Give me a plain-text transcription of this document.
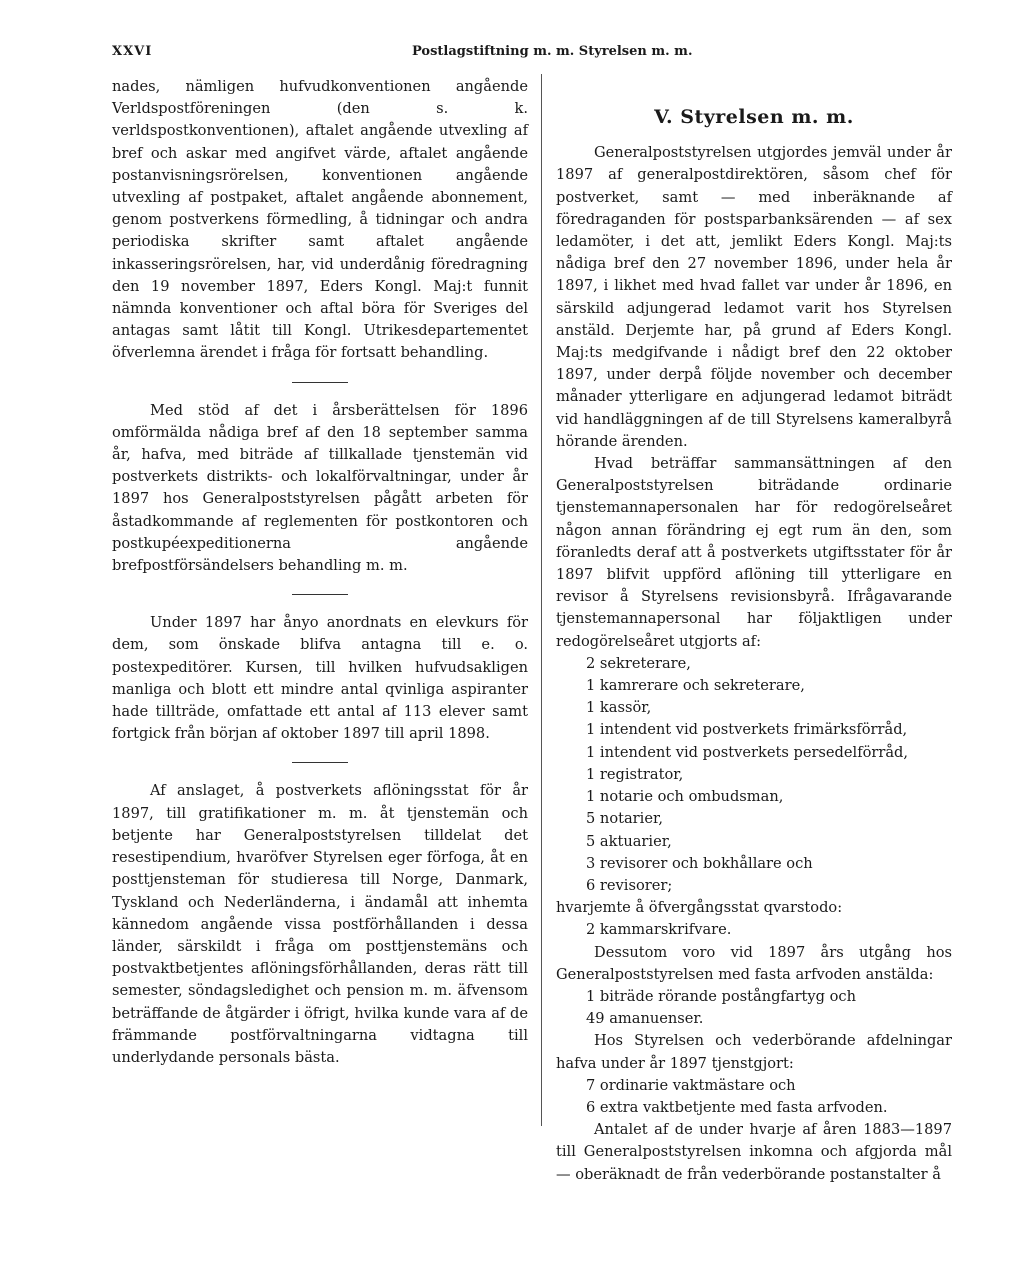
XXVI	Postlagstiftning m. m. Styrelsen m. m.

nades, nämligen hufvudkonventionen angående Verldspostföreningen (den s. k. verldspostkonventionen), aftalet angående utvexling af bref och askar med angifvet värde, aftalet angående postanvisningsrörelsen, konventionen angående utvexling af postpaket, aftalet angående abonnement, genom postverkens förmedling, å tidningar och andra periodiska skrifter samt aftalet angående inkasseringsrörelsen, har, vid underdånig föredragning den 19 november 1897, Eders Kongl. Maj:t funnit nämnda konventioner och aftal böra för Sveriges del antagas samt låtit till Kongl. Utrikesdepartementet öfverlemna ärendet i fråga för fortsatt behandling.

Med stöd af det i årsberättelsen för 1896 omförmälda nådiga bref af den 18 september samma år, hafva, med biträde af tillkallade tjenstemän vid postverkets distrikts- och lokalförvaltningar, under år 1897 hos Generalpoststyrelsen pågått arbeten för åstadkommande af reglementen för postkontoren och postkupéexpeditionerna angående brefpostförsändelsers behandling m. m.

Under 1897 har ånyo anordnats en elevkurs för dem, som önskade blifva antagna till e. o. postexpeditörer. Kursen, till hvilken hufvudsakligen manliga och blott ett mindre antal qvinliga aspiranter hade tillträde, omfattade ett antal af 113 elever samt fortgick från början af oktober 1897 till april 1898.

Af anslaget, å postverkets aflöningsstat för år 1897, till gratifikationer m. m. åt tjenstemän och betjente har Generalpoststyrelsen tilldelat det resestipendium, hvaröfver Styrelsen eger förfoga, åt en posttjensteman för studieresa till Norge, Danmark, Tyskland och Nederländerna, i ändamål att inhemta kännedom angående vissa postförhållanden i dessa länder, särskildt i fråga om posttjenstemäns och postvaktbetjentes aflöningsförhållanden, deras rätt till semester, söndagsledighet och pension m. m. äfvensom beträffande de åtgärder i öfrigt, hvilka kunde vara af de främmande postförvaltningarna vidtagna till underlydande personals bästa.

V. Styrelsen m. m.

Generalpoststyrelsen utgjordes jemväl under år 1897 af generalpostdirektören, såsom chef för postverket, samt — med inberäknande af föredraganden för postsparbanksärenden — af sex ledamöter, i det att, jemlikt Eders Kongl. Maj:ts nådiga bref den 27 november 1896, under hela år 1897, i likhet med hvad fallet var under år 1896, en särskild adjungerad ledamot varit hos Styrelsen anstäld. Derjemte har, på grund af Eders Kongl. Maj:ts medgifvande i nådigt bref den 22 oktober 1897, under derpå följde november och december månader ytterligare en adjungerad ledamot biträdt vid handläggningen af de till Styrelsens kameralbyrå hörande ärenden.

Hvad beträffar sammansättningen af den Generalpoststyrelsen biträdande ordinarie tjenstemannapersonalen har för redogörelseåret någon annan förändring ej egt rum än den, som föranledts deraf att å postverkets utgiftsstater för år 1897 blifvit uppförd aflöning till ytterligare en revisor å Styrelsens revisionsbyrå. Ifrågavarande tjenstemannapersonal har följaktligen under redogörelseåret utgjorts af:

2 sekreterare,
1 kamrerare och sekreterare,
1 kassör,
1 intendent vid postverkets frimärksförråd,
1 intendent vid postverkets persedelförråd,
1 registrator,
1 notarie och ombudsman,
5 notarier,
5 aktuarier,
3 revisorer och bokhållare och
6 revisorer;

hvarjemte å öfvergångsstat qvarstodo:

2 kammarskrifvare.

Dessutom voro vid 1897 års utgång hos Generalpoststyrelsen med fasta arfvoden anstälda:

1 biträde rörande postångfartyg och
49 amanuenser.

Hos Styrelsen och vederbörande afdelningar hafva under år 1897 tjenstgjort:

7 ordinarie vaktmästare och
6 extra vaktbetjente med fasta arfvoden.

Antalet af de under hvarje af åren 1883—1897 till Generalpoststyrelsen inkomna och afgjorda mål — oberäknadt de från vederbörande postanstalter å
